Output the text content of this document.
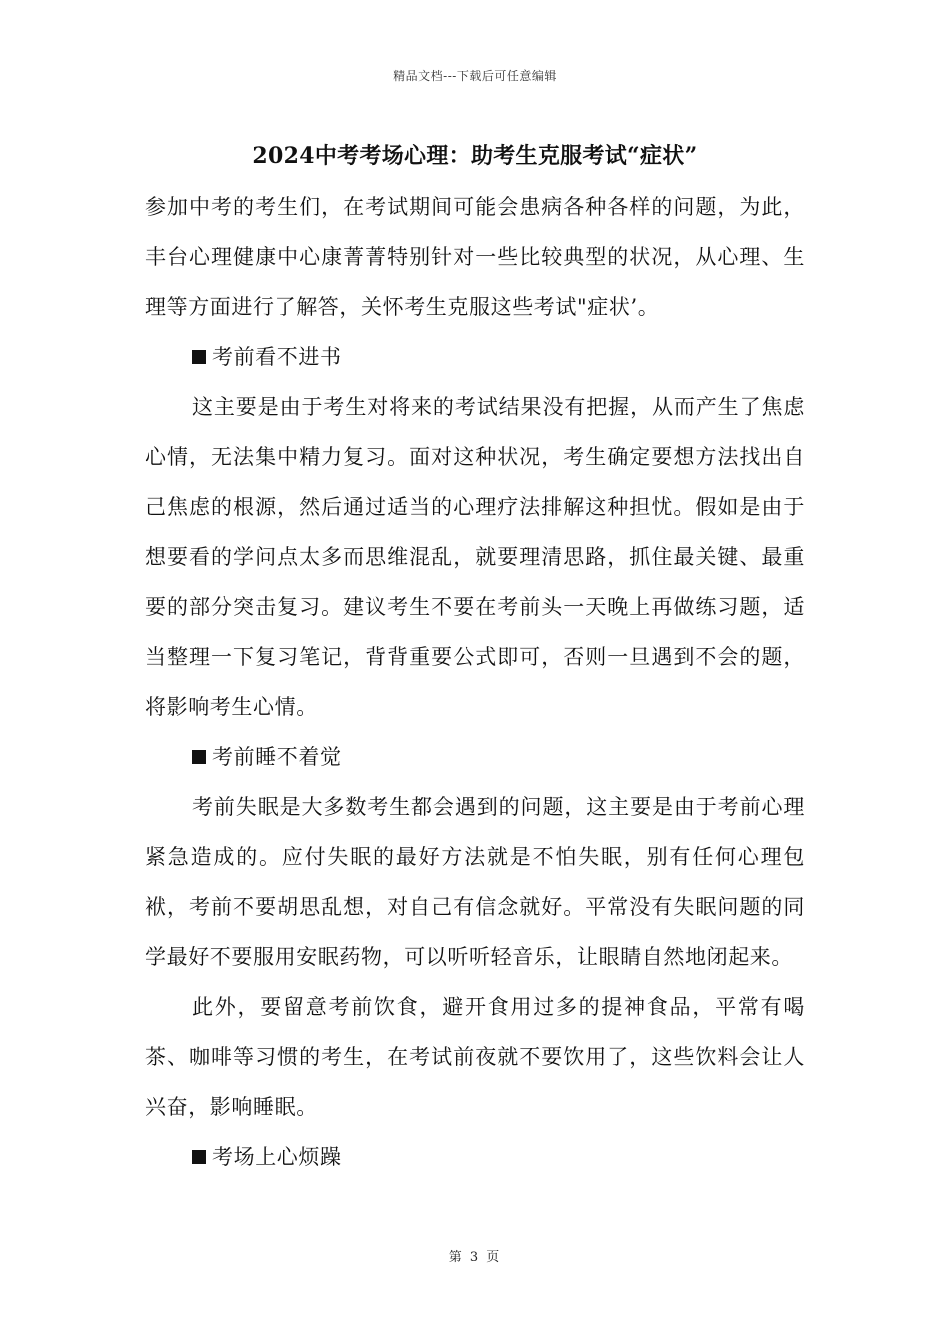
精品文档---下载后可任意编辑
2024中考考场心理：助考生克服考试“症状”

参加中考的考生们，在考试期间可能会患病各种各样的问题，为此，丰台心理健康中心康菁菁特别针对一些比较典型的状况，从心理、生理等方面进行了解答，关怀考生克服这些考试"症状’。

考前看不进书

这主要是由于考生对将来的考试结果没有把握，从而产生了焦虑心情，无法集中精力复习。面对这种状况，考生确定要想方法找出自己焦虑的根源，然后通过适当的心理疗法排解这种担忧。假如是由于想要看的学问点太多而思维混乱，就要理清思路，抓住最关键、最重要的部分突击复习。建议考生不要在考前头一天晚上再做练习题，适当整理一下复习笔记，背背重要公式即可，否则一旦遇到不会的题，将影响考生心情。

考前睡不着觉

考前失眠是大多数考生都会遇到的问题，这主要是由于考前心理紧急造成的。应付失眠的最好方法就是不怕失眠，别有任何心理包袱，考前不要胡思乱想，对自己有信念就好。平常没有失眠问题的同学最好不要服用安眠药物，可以听听轻音乐，让眼睛自然地闭起来。

此外，要留意考前饮食，避开食用过多的提神食品，平常有喝茶、咖啡等习惯的考生，在考试前夜就不要饮用了，这些饮料会让人兴奋，影响睡眠。

考场上心烦躁

第 3 页
